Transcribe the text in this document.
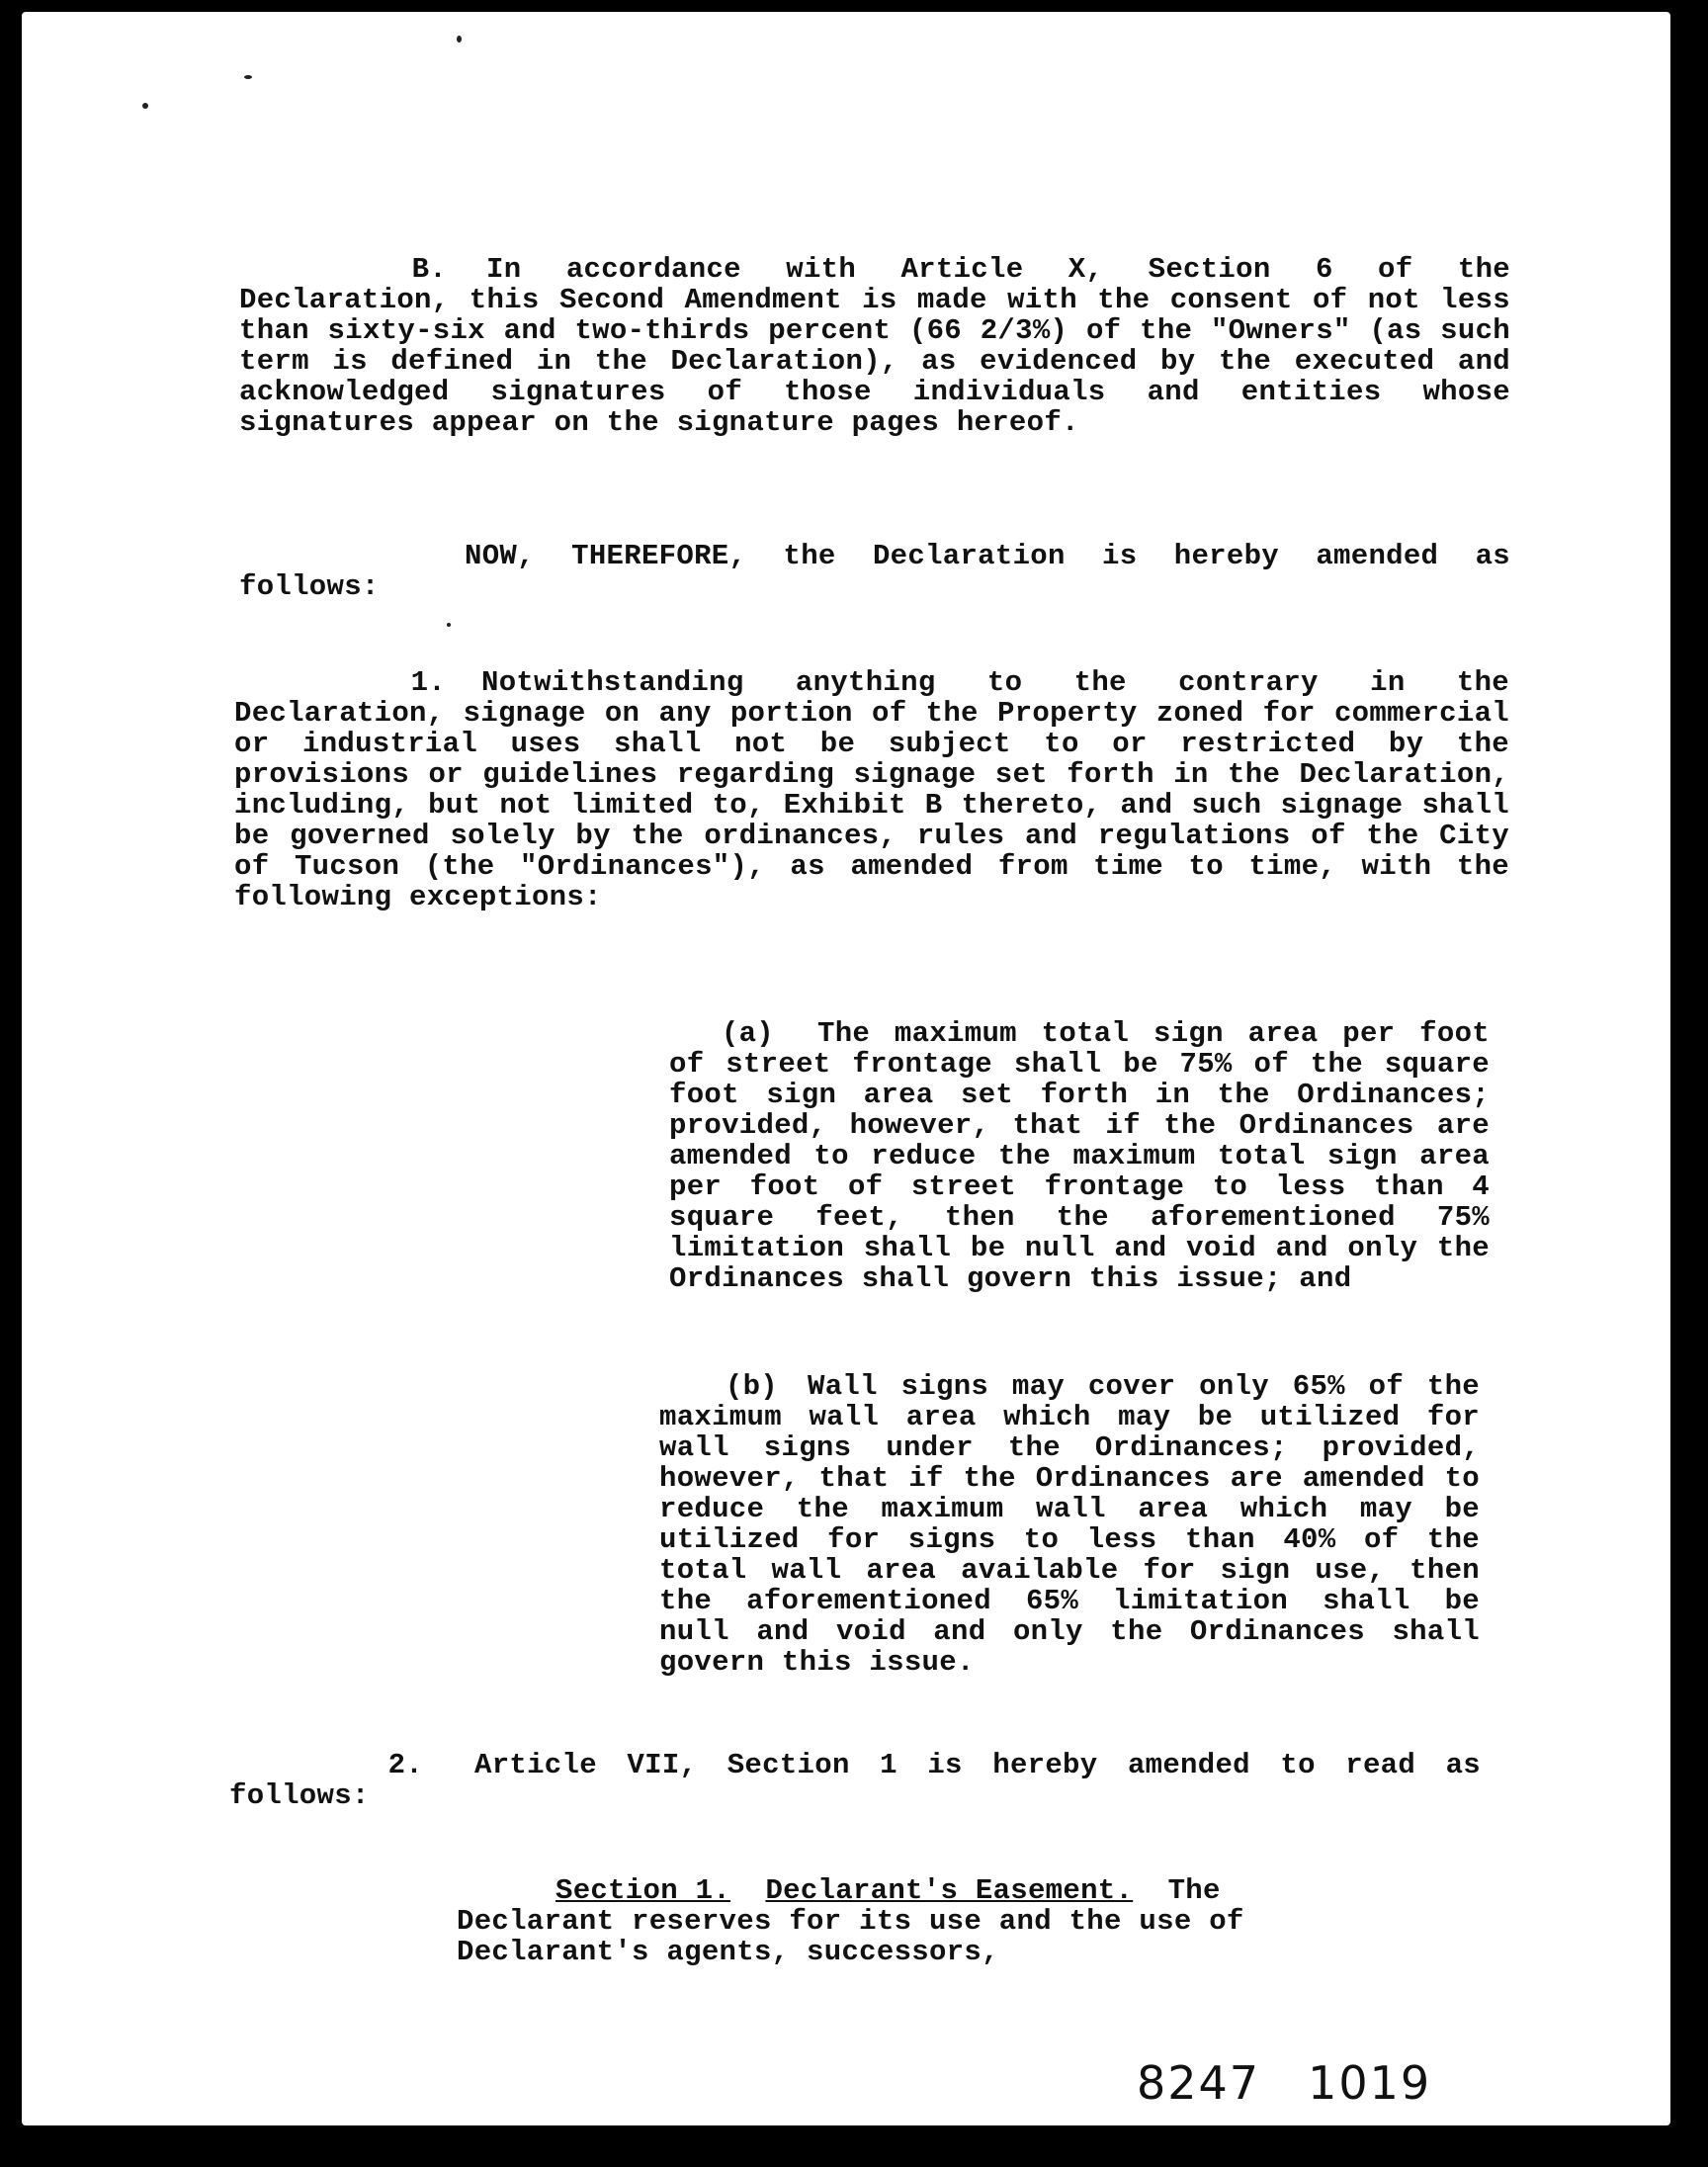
B. In accordance with Article X, Section 6 of the Declaration, this Second Amendment is made with the consent of not less than sixty-six and two-thirds percent (66 2/3%) of the "Owners" (as such term is defined in the Declaration), as evidenced by the executed and acknowledged signatures of those individuals and entities whose signatures appear on the signature pages hereof.

NOW, THEREFORE, the Declaration is hereby amended as follows:

1. Notwithstanding anything to the contrary in the Declaration, signage on any portion of the Property zoned for commercial or industrial uses shall not be subject to or restricted by the provisions or guidelines regarding signage set forth in the Declaration, including, but not limited to, Exhibit B thereto, and such signage shall be governed solely by the ordinances, rules and regulations of the City of Tucson (the "Ordinances"), as amended from time to time, with the following exceptions:

(a) The maximum total sign area per foot of street frontage shall be 75% of the square foot sign area set forth in the Ordinances; provided, however, that if the Ordinances are amended to reduce the maximum total sign area per foot of street frontage to less than 4 square feet, then the aforementioned 75% limitation shall be null and void and only the Ordinances shall govern this issue; and

(b) Wall signs may cover only 65% of the maximum wall area which may be utilized for wall signs under the Ordinances; provided, however, that if the Ordinances are amended to reduce the maximum wall area which may be utilized for signs to less than 40% of the total wall area available for sign use, then the aforementioned 65% limitation shall be null and void and only the Ordinances shall govern this issue.

2. Article VII, Section 1 is hereby amended to read as follows:

Section 1. Declarant's Easement. The Declarant reserves for its use and the use of Declarant's agents, successors,

8247 1019
